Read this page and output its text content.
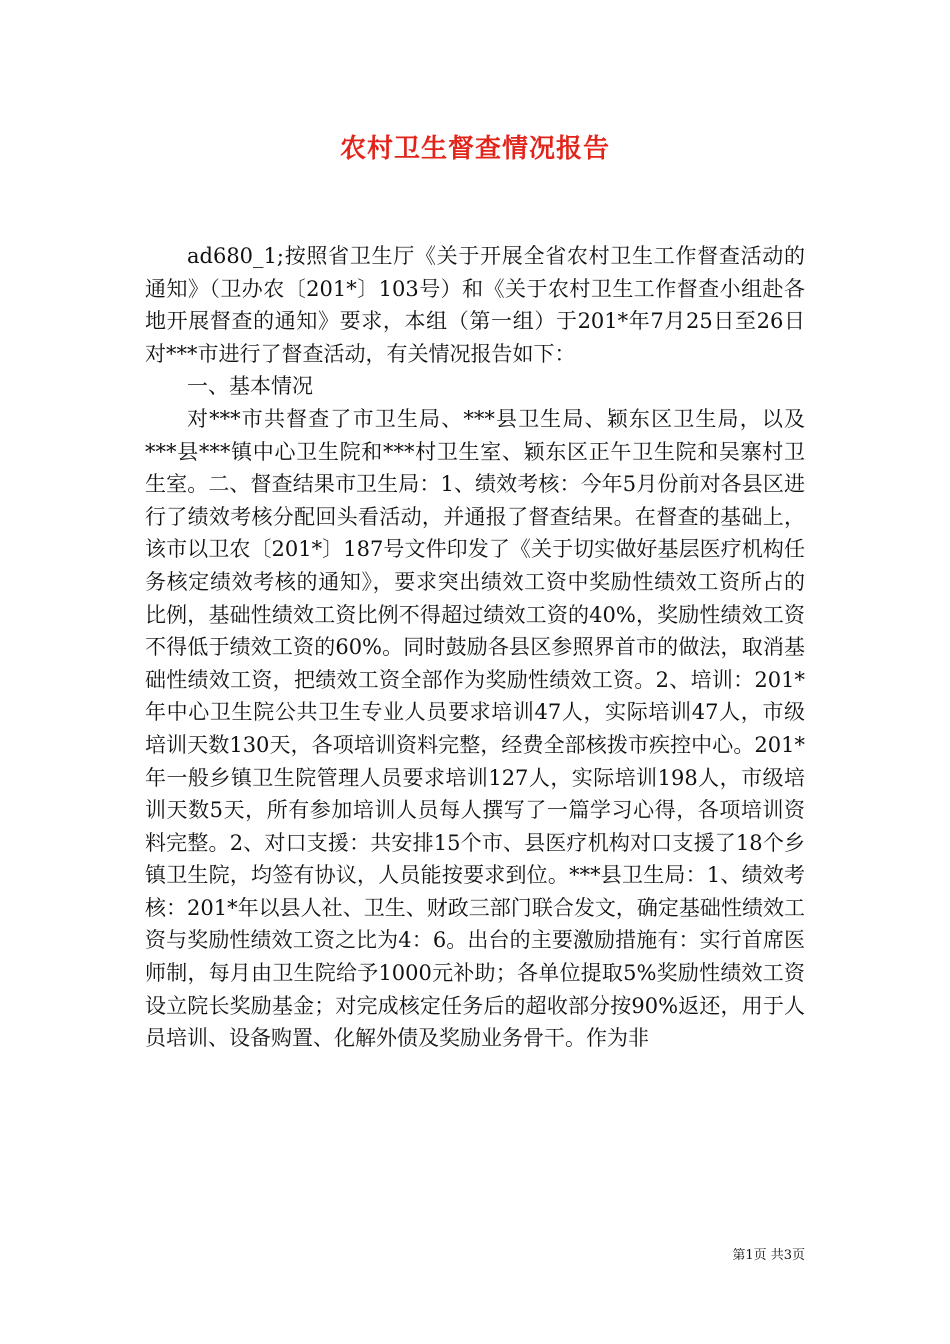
农村卫生督查情况报告

ad680_1;按照省卫生厅《关于开展全省农村卫生工作督查活动的通知》（卫办农〔201*〕103号）和《关于农村卫生工作督查小组赴各地开展督查的通知》要求，本组（第一组）于201*年7月25日至26日对***市进行了督查活动，有关情况报告如下：

一、基本情况

对***市共督查了市卫生局、***县卫生局、颖东区卫生局，以及***县***镇中心卫生院和***村卫生室、颖东区正午卫生院和吴寨村卫生室。二、督查结果市卫生局：1、绩效考核：今年5月份前对各县区进行了绩效考核分配回头看活动，并通报了督查结果。在督查的基础上，该市以卫农〔201*〕187号文件印发了《关于切实做好基层医疗机构任务核定绩效考核的通知》，要求突出绩效工资中奖励性绩效工资所占的比例，基础性绩效工资比例不得超过绩效工资的40%，奖励性绩效工资不得低于绩效工资的60%。同时鼓励各县区参照界首市的做法，取消基础性绩效工资，把绩效工资全部作为奖励性绩效工资。2、培训：201*年中心卫生院公共卫生专业人员要求培训47人，实际培训47人，市级培训天数130天，各项培训资料完整，经费全部核拨市疾控中心。201*年一般乡镇卫生院管理人员要求培训127人，实际培训198人，市级培训天数5天，所有参加培训人员每人撰写了一篇学习心得，各项培训资料完整。2、对口支援：共安排15个市、县医疗机构对口支援了18个乡镇卫生院，均签有协议，人员能按要求到位。***县卫生局：1、绩效考核：201*年以县人社、卫生、财政三部门联合发文，确定基础性绩效工资与奖励性绩效工资之比为4：6。出台的主要激励措施有：实行首席医师制，每月由卫生院给予1000元补助；各单位提取5%奖励性绩效工资设立院长奖励基金；对完成核定任务后的超收部分按90%返还，用于人员培训、设备购置、化解外债及奖励业务骨干。作为非

第1页 共3页
